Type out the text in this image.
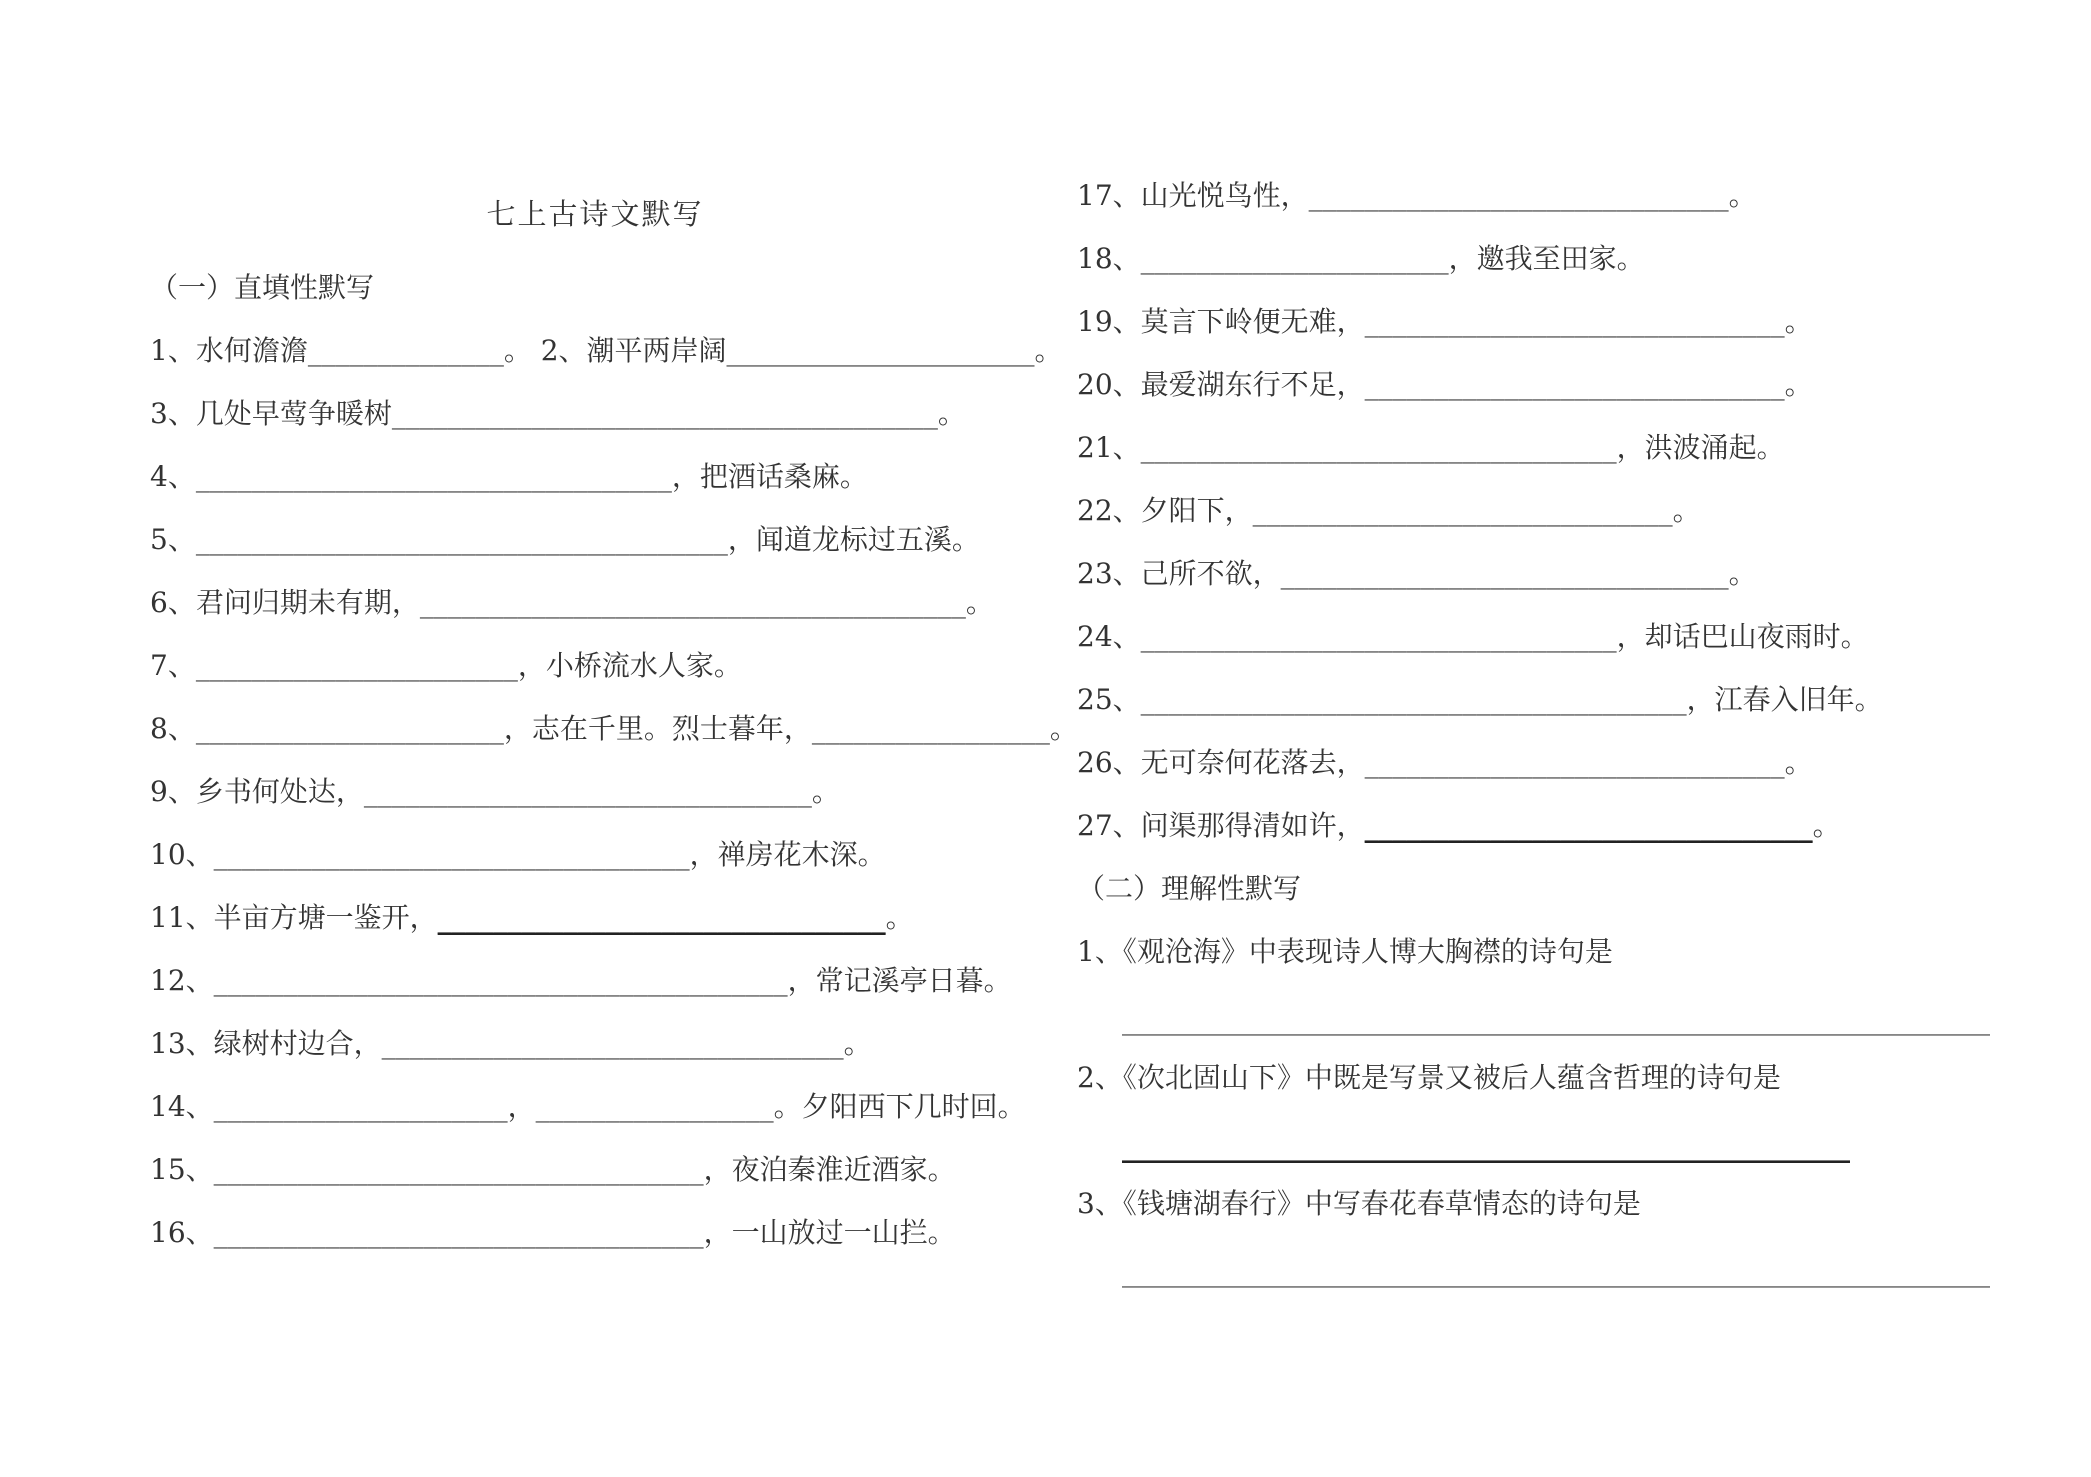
七上古诗文默写
（一）直填性默写
1、水何澹澹______________。 2、潮平两岸阔______________________。
3、几处早莺争暖树_______________________________________。
4、__________________________________，把酒话桑麻。
5、______________________________________，闻道龙标过五溪。
6、君问归期未有期，_______________________________________。
7、_______________________，小桥流水人家。
8、______________________，志在千里。烈士暮年，_________________。
9、乡书何处达，________________________________。
10、__________________________________，禅房花木深。
11、半亩方塘一鉴开，________________________________。
12、_________________________________________，常记溪亭日暮。
13、绿树村边合，_________________________________。
14、_____________________，_________________。夕阳西下几时回。
15、___________________________________，夜泊秦淮近酒家。
16、___________________________________，一山放过一山拦。
17、山光悦鸟性，______________________________。
18、______________________，邀我至田家。
19、莫言下岭便无难，______________________________。
20、最爱湖东行不足，______________________________。
21、__________________________________，洪波涌起。
22、夕阳下，______________________________。
23、己所不欲，________________________________。
24、__________________________________，却话巴山夜雨时。
25、_______________________________________，江春入旧年。
26、无可奈何花落去，______________________________。
27、问渠那得清如许，________________________________。
（二）理解性默写
1、《观沧海》中表现诗人博大胸襟的诗句是
______________________________________________________________
2、《次北固山下》中既是写景又被后人蕴含哲理的诗句是
____________________________________________________
3、《钱塘湖春行》中写春花春草情态的诗句是
______________________________________________________________
